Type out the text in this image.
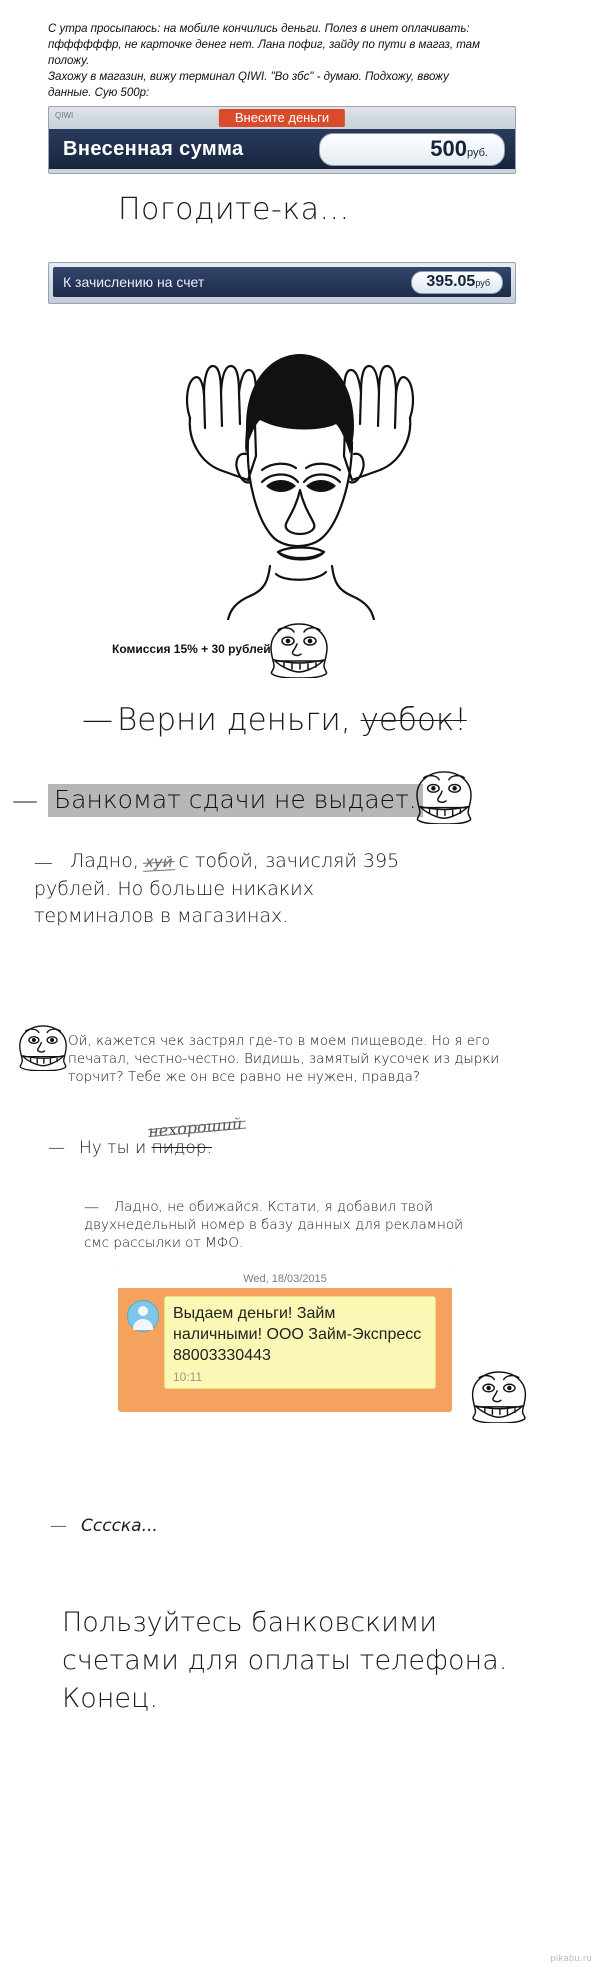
С утра просыпаюсь: на мобиле кончились деньги. Полез в инет оплачивать:

пффффффр, не карточке денег нет. Лана пофиг, зайду по пути в магаз, там

положу.

Захожу в магазин, вижу терминал QIWI. "Во збс" - думаю. Подхожу, ввожу

данные. Сую 500р:

QIWI	Внесите деньги
Внесенная сумма	500руб.
Погодите-ка...
К зачислению на счет	395.05руб
Комиссия 15% + 30 рублей
— Верни деньги, уебок!
— Банкомат сдачи не выдает.
— Ладно, хуй с тобой, зачисляй 395 рублей. Но больше никаких терминалов в магазинах.
Ой, кажется чек застрял где-то в моем пищеводе. Но я его печатал, честно-честно. Видишь, замятый кусочек из дырки торчит? Тебе же он все равно не нужен, правда?
нехороший
— Ну ты и пидор.
— Ладно, не обижайся. Кстати, я добавил твой двухнедельный номер в базу данных для рекламной смс рассылки от МФО.
Wed, 18/03/2015
Выдаем деньги! Займ наличными! ООО Займ-Экспресс 88003330443
10:11
— Сссска...
Пользуйтесь банковскими счетами для оплаты телефона. Конец.
pikabu.ru
